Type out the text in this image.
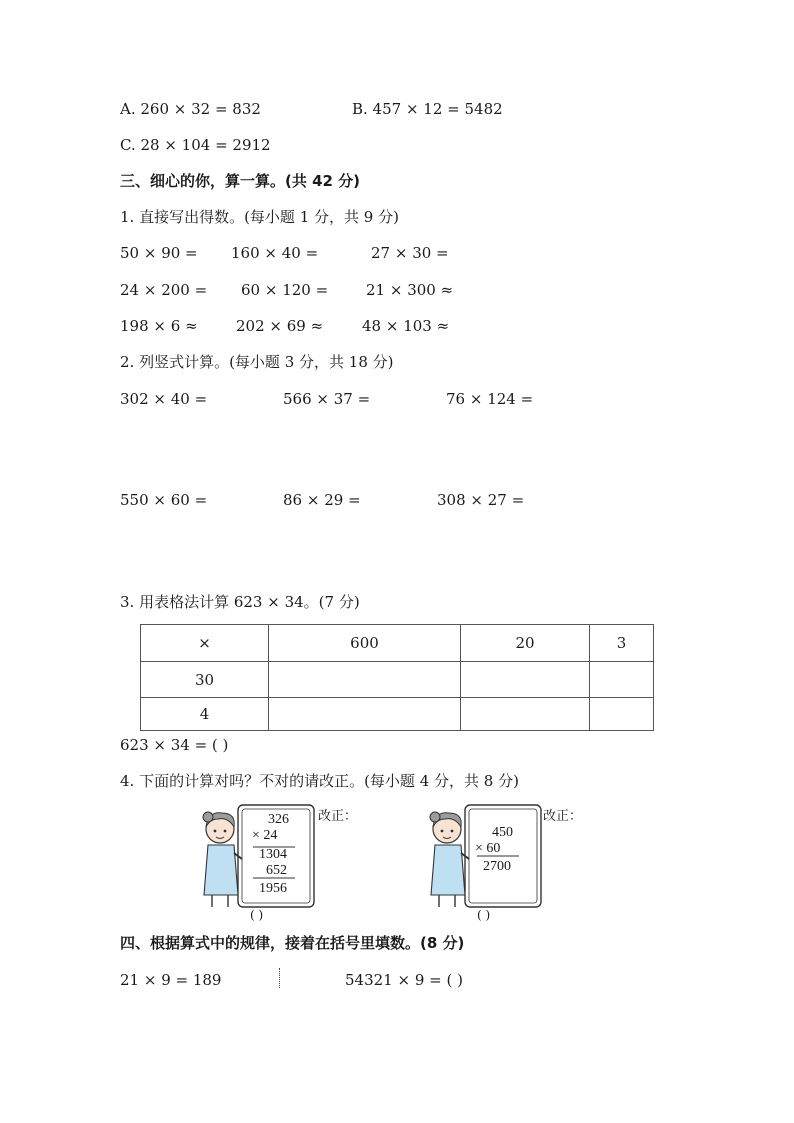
A. 260 × 32 = 832	B. 457 × 12 = 5482
C. 28 × 104 = 2912
三、细心的你，算一算。(共 42 分)
1. 直接写出得数。(每小题 1 分，共 9 分)
50 × 90 = 160 × 40 =	27 × 30 =
24 × 200 = 60 × 120 =	21 × 300 ≈
198 × 6 ≈	202 × 69 ≈	48 × 103 ≈
2. 列竖式计算。(每小题 3 分，共 18 分)
302 × 40 =	566 × 37 =	76 × 124 =
550 × 60 =	86 × 29 =	308 × 27 =
3. 用表格法计算 623 × 34。(7 分)
×	600	20	3
30			
4			
623 × 34 = ( )
4. 下面的计算对吗？不对的请改正。(每小题 4 分，共 8 分)
326
× 24
1304
652
1956
( )
改正：
450
× 60
2700
( )
改正：
四、根据算式中的规律，接着在括号里填数。(8 分)
21 × 9 = 189	54321 × 9 = ( )
